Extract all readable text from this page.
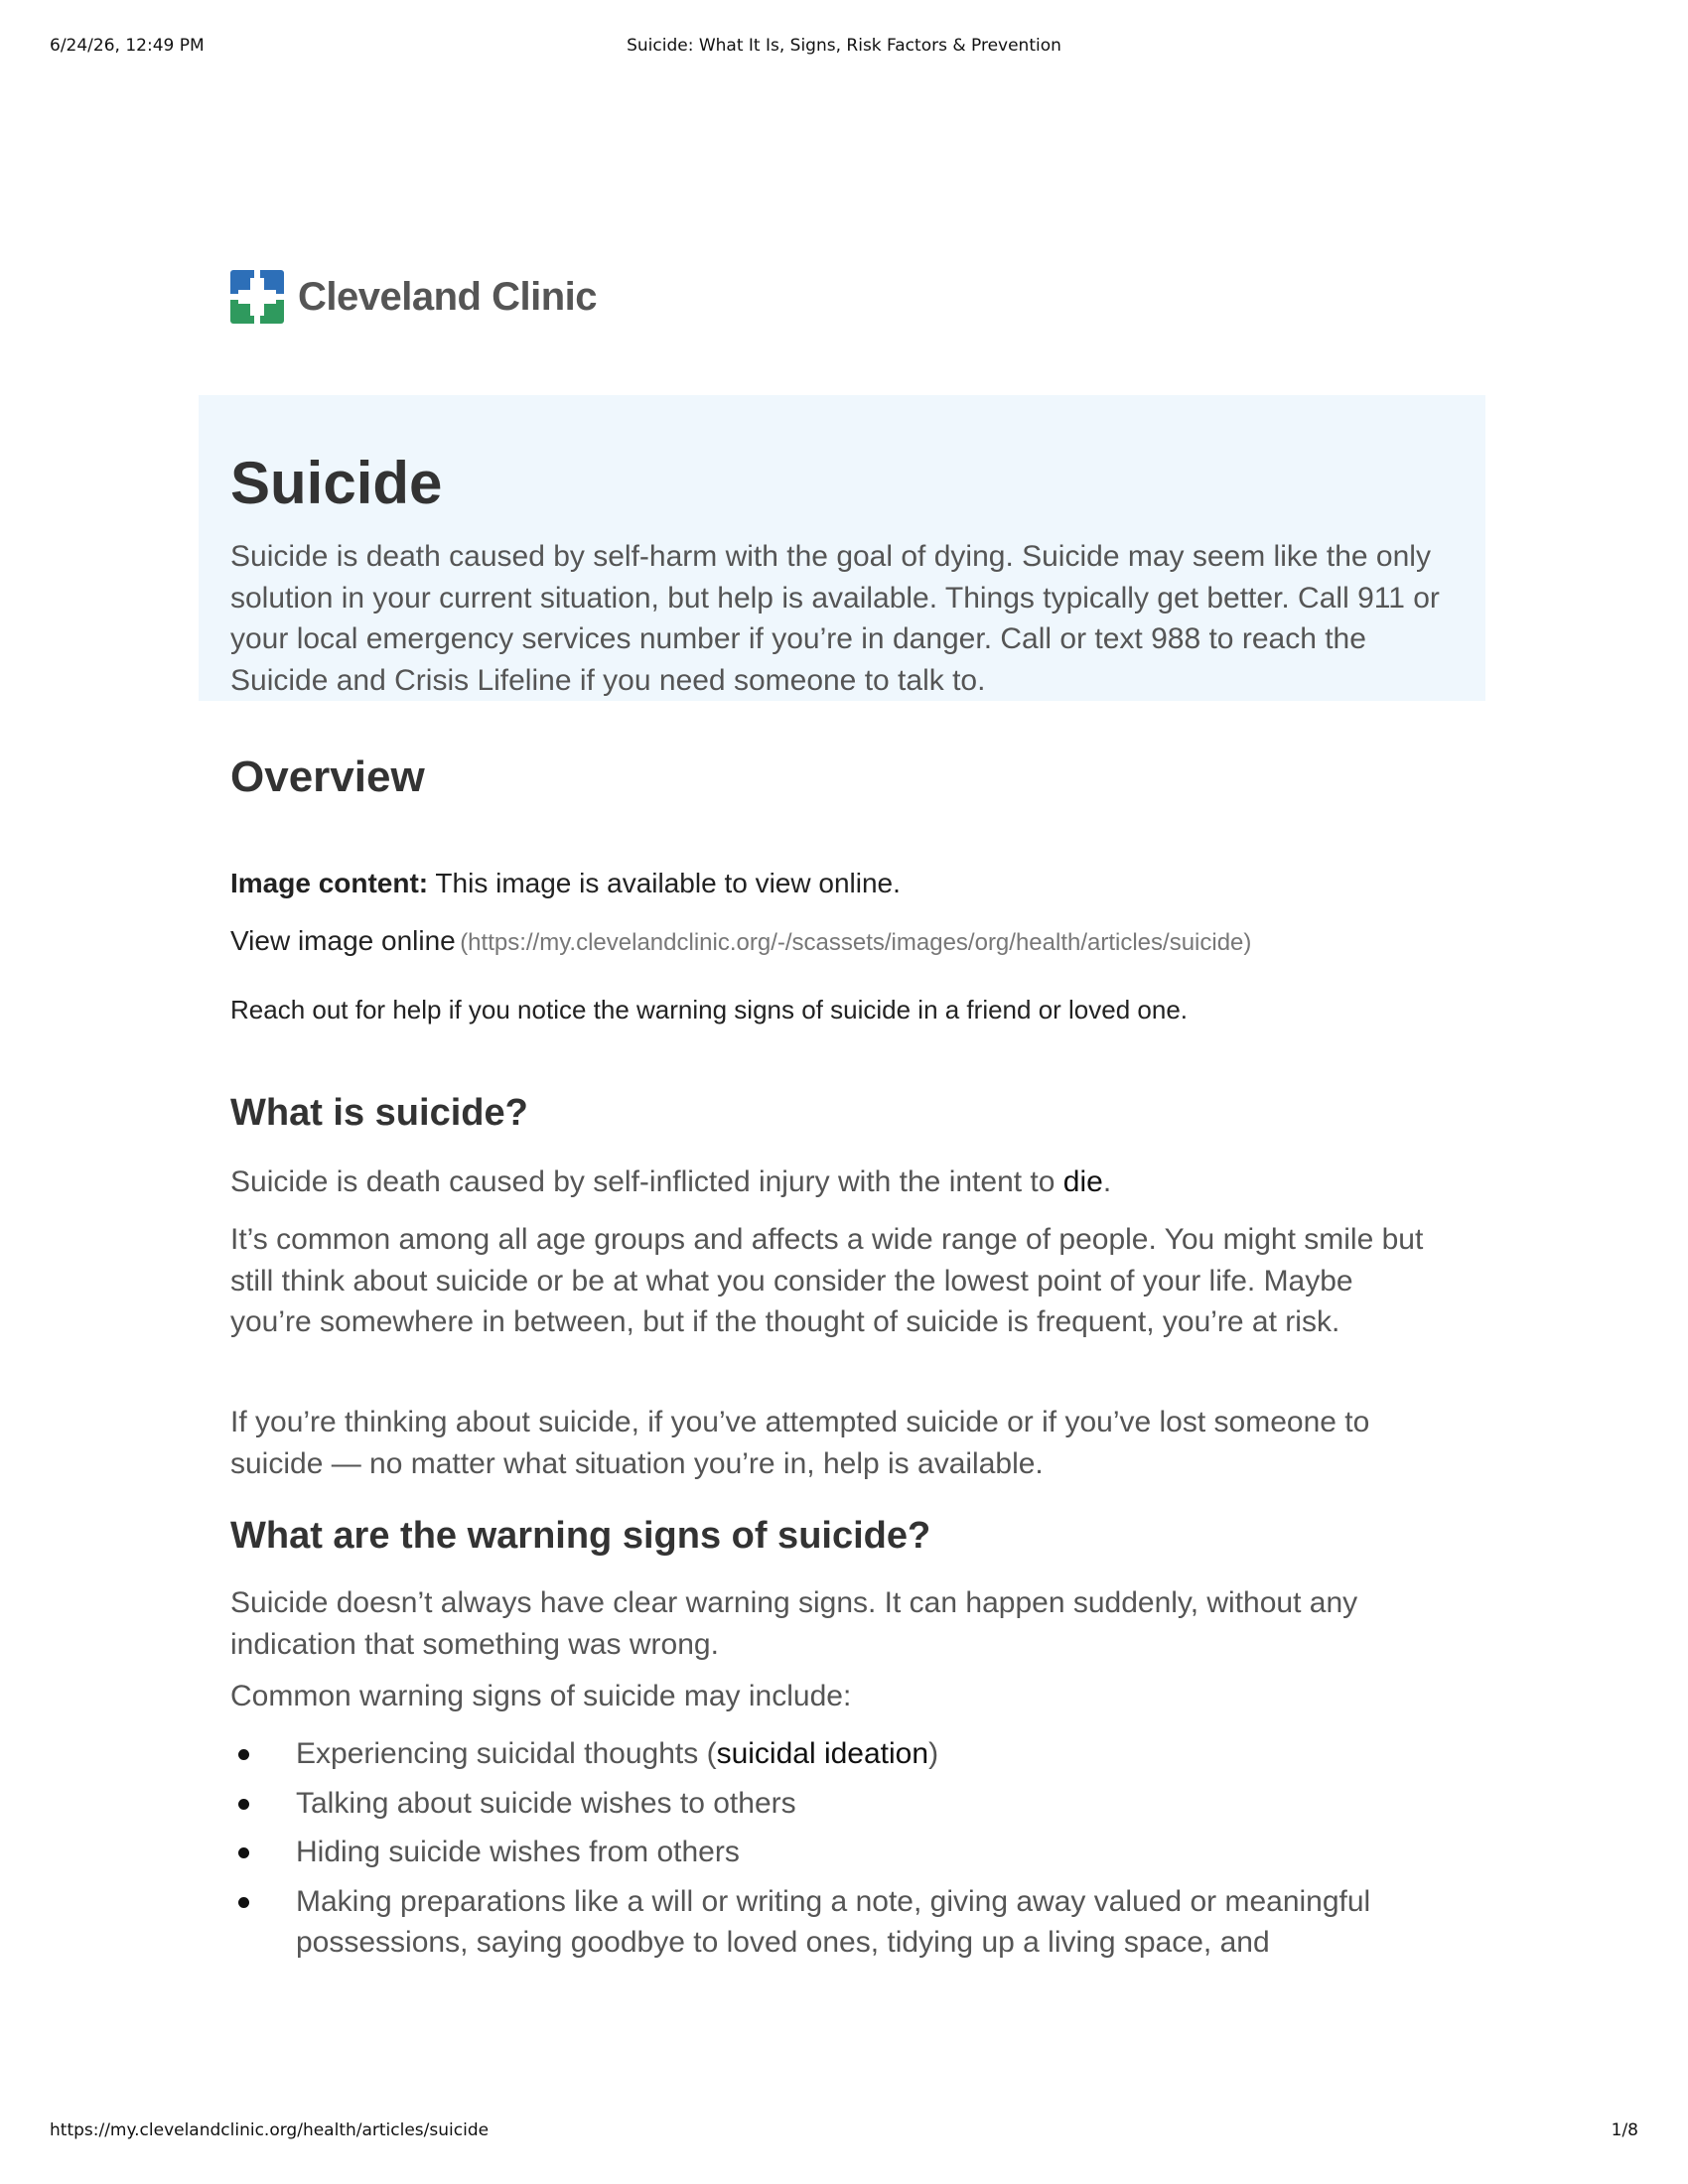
6/24/26, 12:49 PM	Suicide: What It Is, Signs, Risk Factors & Prevention
Cleveland Clinic
Suicide

Suicide is death caused by self-harm with the goal of dying. Suicide may seem like the only solution in your current situation, but help is available. Things typically get better. Call 911 or your local emergency services number if you’re in danger. Call or text 988 to reach the Suicide and Crisis Lifeline if you need someone to talk to.

Overview
Image content: This image is available to view online.
View image online (https://my.clevelandclinic.org/-/scassets/images/org/health/articles/suicide)
Reach out for help if you notice the warning signs of suicide in a friend or loved one.
What is suicide?

Suicide is death caused by self-inflicted injury with the intent to die.

It’s common among all age groups and affects a wide range of people. You might smile but still think about suicide or be at what you consider the lowest point of your life. Maybe you’re somewhere in between, but if the thought of suicide is frequent, you’re at risk.

If you’re thinking about suicide, if you’ve attempted suicide or if you’ve lost someone to suicide — no matter what situation you’re in, help is available.

What are the warning signs of suicide?

Suicide doesn’t always have clear warning signs. It can happen suddenly, without any indication that something was wrong.

Common warning signs of suicide may include:

Experiencing suicidal thoughts (suicidal ideation)
Talking about suicide wishes to others
Hiding suicide wishes from others
Making preparations like a will or writing a note, giving away valued or meaningful possessions, saying goodbye to loved ones, tidying up a living space, and
https://my.clevelandclinic.org/health/articles/suicide	1/8
